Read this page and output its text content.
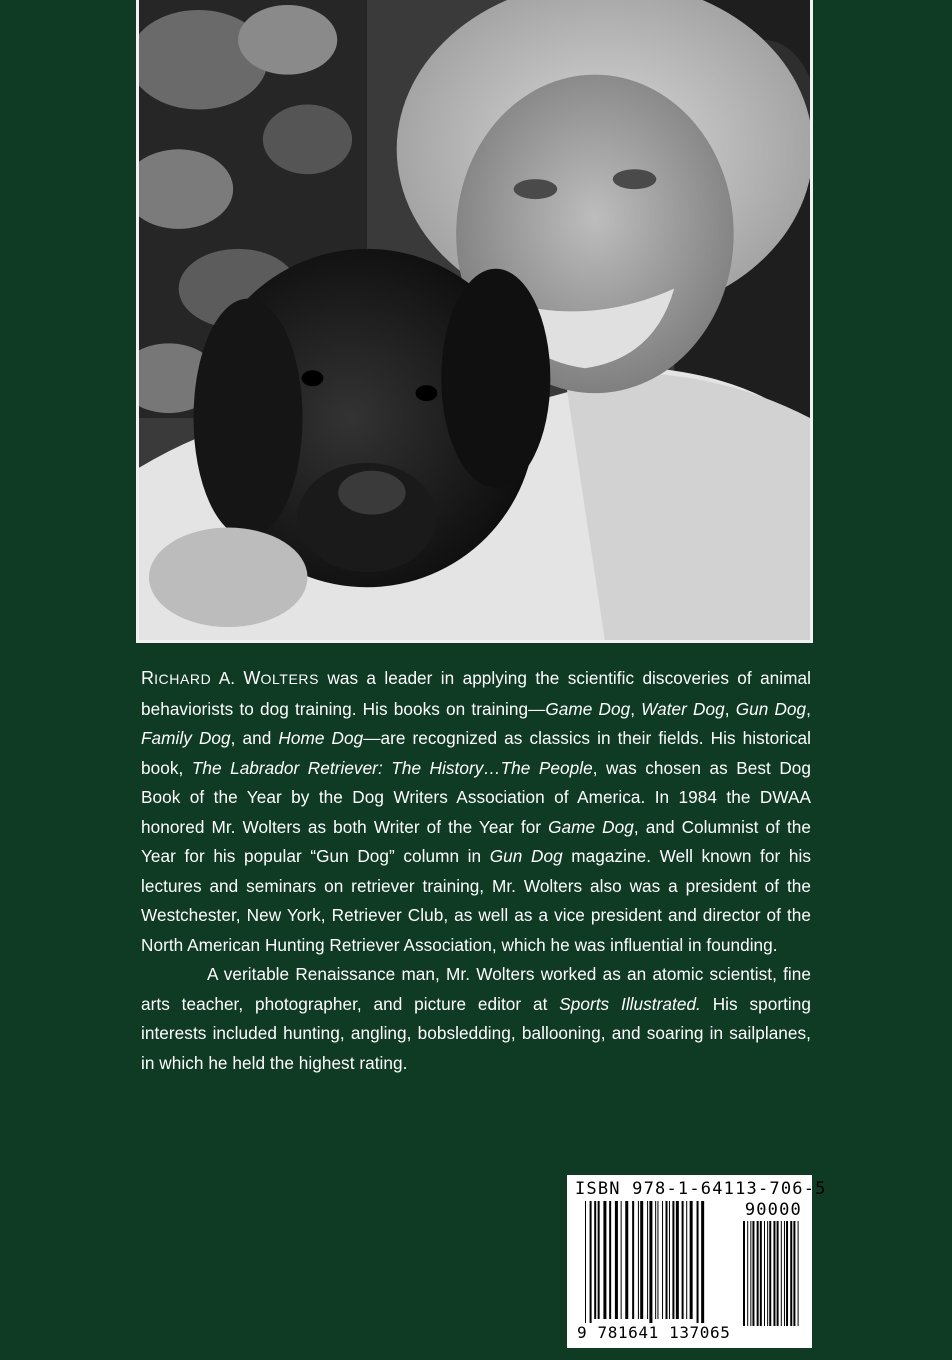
RICHARD A. WOLTERS was a leader in applying the scientific discoveries of animal behaviorists to dog training. His books on training—Game Dog, Water Dog, Gun Dog, Family Dog, and Home Dog—are recognized as classics in their fields. His historical book, The Labrador Retriever: The History…The People, was chosen as Best Dog Book of the Year by the Dog Writers Association of America. In 1984 the DWAA honored Mr. Wolters as both Writer of the Year for Game Dog, and Columnist of the Year for his popular “Gun Dog” column in Gun Dog magazine. Well known for his lectures and seminars on retriever training, Mr. Wolters also was a president of the Westchester, New York, Retriever Club, as well as a vice president and director of the North American Hunting Retriever Association, which he was influential in founding.

A veritable Renaissance man, Mr. Wolters worked as an atomic scientist, fine arts teacher, photographer, and picture editor at Sports Illustrated. His sporting interests included hunting, angling, bobsledding, ballooning, and soaring in sailplanes, in which he held the highest rating.

ISBN 978-1-64113-706-5
90000
9 781641 137065
